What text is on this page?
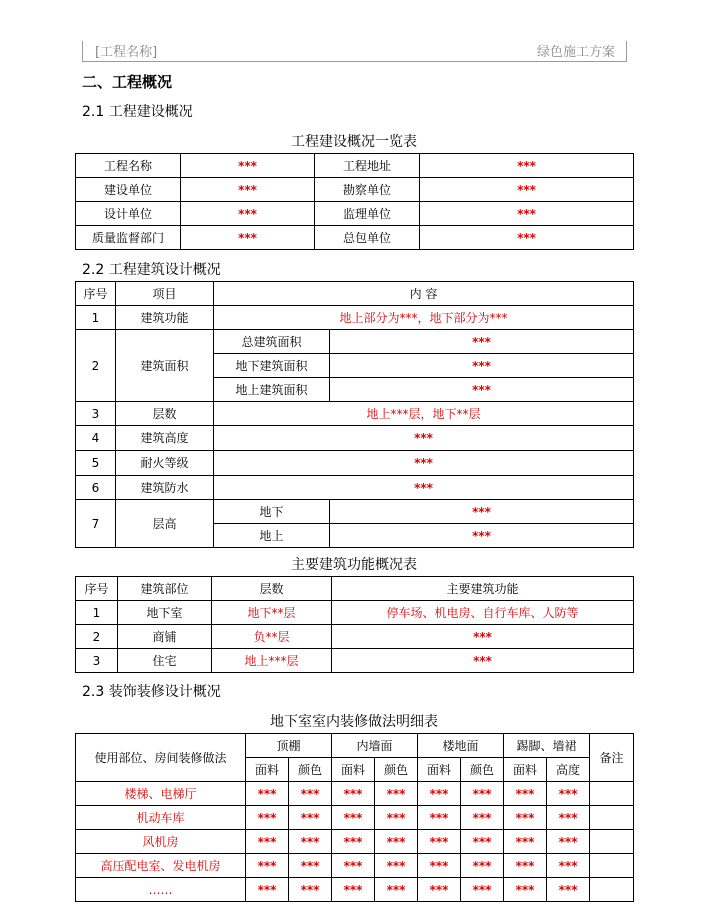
[工程名称]	绿色施工方案
二、工程概况
2.1 工程建设概况
工程建设概况一览表
工程名称	***	工程地址	***
建设单位	***	勘察单位	***
设计单位	***	监理单位	***
质量监督部门	***	总包单位	***
2.2 工程建筑设计概况
序号	项目	内 容	
1	建筑功能	地上部分为***，地下部分为***	
2	建筑面积	总建筑面积	***
		地下建筑面积	***
		地上建筑面积	***
3	层数	地上***层，地下**层	
4	建筑高度	***	
5	耐火等级	***	
6	建筑防水	***	
7	层高	地下	***
		地上	***
主要建筑功能概况表
序号	建筑部位	层数	主要建筑功能
1	地下室	地下**层	停车场、机电房、自行车库、人防等
2	商铺	负**层	***
3	住宅	地上***层	***
2.3 装饰装修设计概况
地下室室内装修做法明细表
使用部位、房间装修做法	顶棚		内墙面		楼地面		踢脚、墙裙		备注
	面料	颜色	面料	颜色	面料	颜色	面料	高度	
楼梯、电梯厅	***	***	***	***	***	***	***	***	
机动车库	***	***	***	***	***	***	***	***	
风机房	***	***	***	***	***	***	***	***	
高压配电室、发电机房	***	***	***	***	***	***	***	***	
……	***	***	***	***	***	***	***	***	
